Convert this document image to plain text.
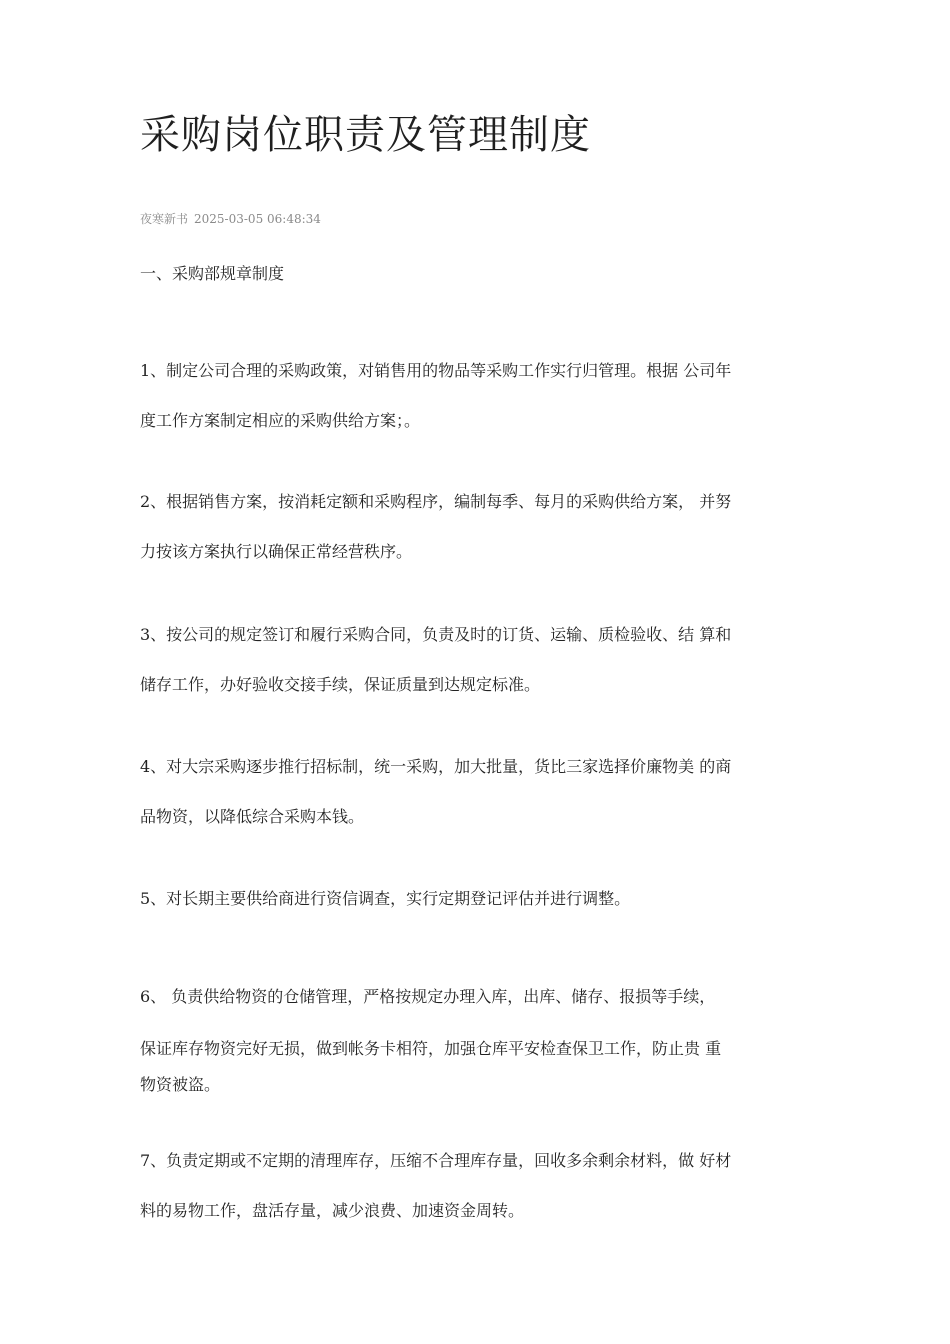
采购岗位职责及管理制度
夜寒新书 2025-03-05 06:48:34
一、采购部规章制度

1、制定公司合理的采购政策，对销售用的物品等采购工作实行归管理。根据 公司年
度工作方案制定相应的采购供给方案；。

2、根据销售方案，按消耗定额和采购程序，编制每季、每月的采购供给方案， 并努
力按该方案执行以确保正常经营秩序。

3、按公司的规定签订和履行采购合同，负责及时的订货、运输、质检验收、结 算和
储存工作，办好验收交接手续，保证质量到达规定标准。

4、对大宗采购逐步推行招标制，统一采购，加大批量，货比三家选择价廉物美 的商
品物资，以降低综合采购本钱。

5、对长期主要供给商进行资信调查，实行定期登记评估并进行调整。

6、 负责供给物资的仓储管理，严格按规定办理入库，出库、储存、报损等手续，
保证库存物资完好无损，做到帐务卡相符，加强仓库平安检查保卫工作，防止贵 重
物资被盗。

7、负责定期或不定期的清理库存，压缩不合理库存量，回收多余剩余材料，做 好材
料的易物工作，盘活存量，减少浪费、加速资金周转。
